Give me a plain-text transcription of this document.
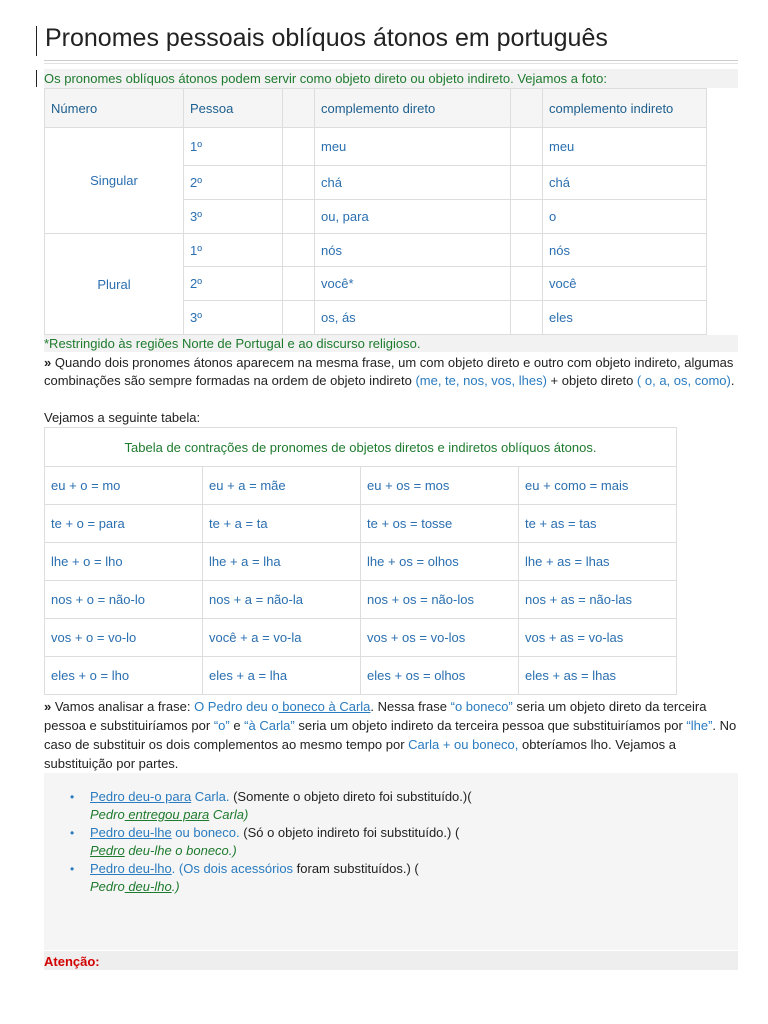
Pronomes pessoais oblíquos átonos em português
Os pronomes oblíquos átonos podem servir como objeto direto ou objeto indireto. Vejamos a foto:
Número	Pessoa		complemento direto		complemento indireto
Singular	1º		meu		meu
	2º		chá		chá
	3º		ou, para		o
Plural	1º		nós		nós
	2º		você*		você
	3º		os, ás		eles
*Restringido às regiões Norte de Portugal e ao discurso religioso.
» Quando dois pronomes átonos aparecem na mesma frase, um com objeto direto e outro com objeto indireto, algumas combinações são sempre formadas na ordem de objeto indireto (me, te, nos, vos, lhes) + objeto direto ( o, a, os, como).
Vejamos a seguinte tabela:
Tabela de contrações de pronomes de objetos diretos e indiretos oblíquos átonos.			
eu + o = mo	eu + a = mãe	eu + os = mos	eu + como = mais
te + o = para	te + a = ta	te + os = tosse	te + as = tas
lhe + o = lho	lhe + a = lha	lhe + os = olhos	lhe + as = lhas
nos + o = não-lo	nos + a = não-la	nos + os = não-los	nos + as = não-las
vos + o = vo-lo	você + a = vo-la	vos + os = vo-los	vos + as = vo-las
eles + o = lho	eles + a = lha	eles + os = olhos	eles + as = lhas
» Vamos analisar a frase: O Pedro deu o boneco à Carla. Nessa frase “o boneco” seria um objeto direto da terceira pessoa e substituiríamos por “o” e “à Carla” seria um objeto indireto da terceira pessoa que substituiríamos por “lhe”. No caso de substituir os dois complementos ao mesmo tempo por Carla + ou boneco, obteríamos lho. Vejamos a substituição por partes.
• Pedro deu-o para Carla. (Somente o objeto direto foi substituído.)(
Pedro entregou para Carla)
• Pedro deu-lhe ou boneco. (Só o objeto indireto foi substituído.) (
Pedro deu-lhe o boneco.)
• Pedro deu-lho. (Os dois acessórios foram substituídos.) (
Pedro deu-lho.)
Atenção:
